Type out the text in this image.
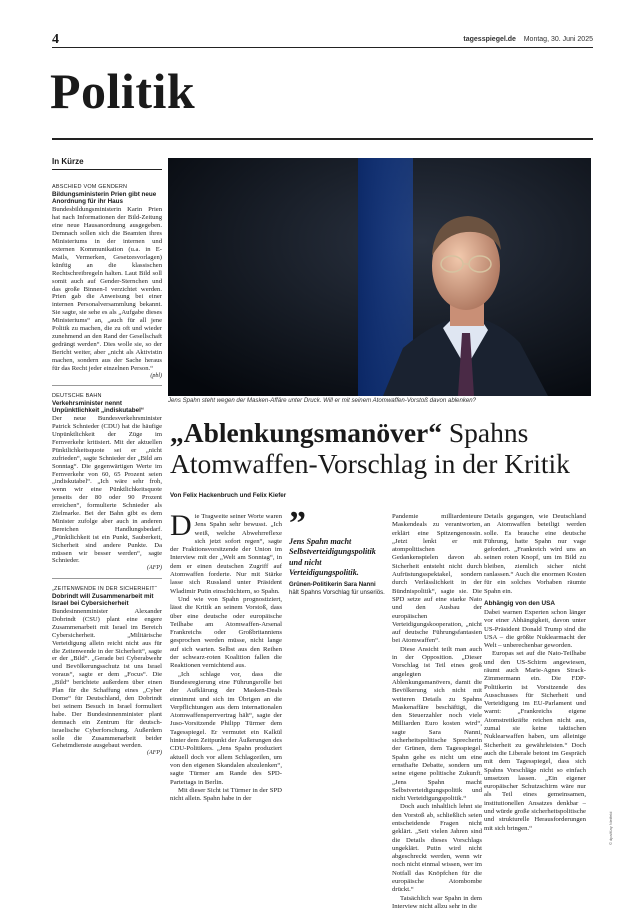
4	tagesspiegel.de Montag, 30. Juni 2025
Politik
In Kürze
ABSCHIED VOM GENDERN
Bildungsministerin Prien gibt neue Anordnung für ihr Haus

Bundesbildungsministerin Karin Prien hat nach Informationen der Bild-Zeitung eine neue Hausanordnung ausgegeben. Demnach sollen sich die Beamten ihres Ministeriums in der internen und externen Kommunikation (u.a. in E-Mails, Vermerken, Gesetzesvorlagen) künftig an die klassischen Rechtschreibregeln halten. Laut Bild soll somit auch auf Gender-Sternchen und das große Binnen-I verzichtet werden. Prien gab die Anweisung bei einer internen Personalversammlung bekannt. Sie sagte, sie sehe es als „Aufgabe dieses Ministeriums“ an, „auch für all jene Politik zu machen, die zu oft und wieder zunehmend an den Rand der Gesellschaft gedrängt werden“. Dies wolle sie, so der Bericht weiter, aber „nicht als Aktivistin machen, sondern aus der Sache heraus für das Recht jeder einzelnen Person.“
(pbl)

DEUTSCHE BAHN
Verkehrsminister nennt Unpünktlichkeit „indiskutabel“

Der neue Bundesverkehrsminister Patrick Schnieder (CDU) hat die häufige Unpünktlichkeit der Züge im Fernverkehr kritisiert. Mit der aktuellen Pünktlichkeitsquote sei er „nicht zufrieden“, sagte Schnieder der „Bild am Sonntag“. Die gegenwärtigen Werte im Fernverkehr von 60, 65 Prozent seien „indiskutabel“. „Ich wäre sehr froh, wenn wir eine Pünktlichkeitsquote jenseits der 80 oder 90 Prozent erreichen“, formulierte Schnieder als Zielmarke. Bei der Bahn gibt es dem Minister zufolge aber auch in anderen Bereichen Handlungsbedarf. „Pünktlichkeit ist ein Punkt, Sauberkeit, Sicherheit sind andere Punkte. Da müssen wir besser werden“, sagte Schnieder.
(AFP)

„ZEITENWENDE IN DER SICHERHEIT“
Dobrindt will Zusammenarbeit mit Israel bei Cybersicherheit

Bundesinnenminister Alexander Dobrindt (CSU) plant eine engere Zusammenarbeit mit Israel im Bereich Cybersicherheit. „Militärische Verteidigung allein reicht nicht aus für die Zeitenwende in der Sicherheit“, sagte er der „Bild“. „Gerade bei Cyberabwehr und Bevölkerungsschutz ist uns Israel voraus“, sagte er dem „Focus“. Die „Bild“ berichtete außerdem über einen Plan für die Schaffung eines „Cyber Dome“ für Deutschland, den Dobrindt bei seinem Besuch in Israel formuliert habe. Der Bundesinnenminister plant demnach ein Zentrum für deutsch-israelische Cyberforschung. Außerdem solle die Zusammenarbeit beider Geheimdienste ausgebaut werden.
(AFP)

Jens Spahn steht wegen der Masken-Affäre unter Druck. Will er mit seinem Atomwaffen-Vorstoß davon ablenken?
„Ablenkungsmanöver“ Spahns Atomwaffen-Vorschlag in der Kritik
Von Felix Hackenbruch und Felix Kiefer

Die Tragweite seiner Worte waren Jens Spahn sehr bewusst. „Ich weiß, welche Abwehrreflexe sich jetzt sofort regen“, sagte der Fraktionsvorsitzende der Union im Interview mit der „Welt am Sonntag“, in dem er einen deutschen Zugriff auf Atomwaffen forderte. Nur mit Stärke lasse sich Russland unter Präsident Wladimir Putin einschüchtern, so Spahn.

Und wie von Spahn prognostiziert, lässt die Kritik an seinem Vorstoß, dass über eine deutsche oder europäische Teilhabe am Atomwaffen-Arsenal Frankreichs oder Großbritanniens gesprochen werden müsse, nicht lange auf sich warten. Selbst aus den Reihen der schwarz-roten Koalition fallen die Reaktionen vernichtend aus.

„Ich schlage vor, dass die Bundesregierung eine Führungsrolle bei der Aufklärung der Masken-Deals einnimmt und sich im Übrigen an die Verpflichtungen aus dem internationalen Atomwaffensperrvertrag hält“, sagte der Juso-Vorsitzende Philipp Türmer dem Tagesspiegel. Er vermutet ein Kalkül hinter dem Zeitpunkt der Äußerungen des CDU-Politikers. „Jens Spahn produziert aktuell doch vor allem Schlagzeilen, um von den eigenen Skandalen abzulenken“, sagte Türmer am Rande des SPD-Parteitags in Berlin.

Mit dieser Sicht ist Türmer in der SPD nicht allein. Spahn habe in der

”
Jens Spahn macht Selbstverteidigungspolitik und nicht Verteidigungspolitik.
Grünen-Politikerin Sara Nanni hält Spahns Vorschlag für unseriös.

Pandemie milliardenteure Maskendeals zu verantworten, erklärt eine Spitzengenossin. „Jetzt lenkt er mit atompolitischen Gedankenspielen davon ab. Sicherheit entsteht nicht durch Aufrüstungsspektakel, sondern durch Verlässlichkeit in der Bündnispolitik“, sagte sie. Die SPD setze auf eine starke Nato und den Ausbau der europäischen Verteidigungskooperation, „nicht auf deutsche Führungsfantasien bei Atomwaffen“.

Diese Ansicht teilt man auch in der Opposition. „Dieser Vorschlag ist Teil eines groß angelegten Ablenkungsmanövers, damit die Bevölkerung sich nicht mit weiteren Details zu Spahns Maskenaffäre beschäftigt, die den Steuerzahler noch viele Milliarden Euro kosten wird“, sagte Sara Nanni, sicherheitspolitische Sprecherin der Grünen, dem Tagesspiegel. Spahn gehe es nicht um eine ernsthafte Debatte, sondern um seine eigene politische Zukunft. „Jens Spahn macht Selbstverteidigungspolitik und nicht Verteidigungspolitik.“

Doch auch inhaltlich lehnt sie den Vorstoß ab, schließlich seien entscheidende Fragen nicht geklärt. „Seit vielen Jahren sind die Details dieses Vorschlags ungeklärt. Putin wird nicht abgeschreckt werden, wenn wir noch nicht einmal wissen, wer im Notfall das Knöpfchen für die europäische Atombombe drückt.“

Tatsächlich war Spahn in dem Interview nicht allzu sehr in die

Details gegangen, wie Deutschland an Atomwaffen beteiligt werden solle. Es brauche eine deutsche Führung, hatte Spahn nur vage gefordert. „Frankreich wird uns an seinen roten Knopf, um im Bild zu bleiben, ziemlich sicher nicht ranlassen.“ Auch die enormen Kosten für ein solches Vorhaben räumte Spahn ein.

Abhängig von den USA

Dabei warnen Experten schon länger vor einer Abhängigkeit, davon unter US-Präsident Donald Trump sind die USA – die größte Nuklearmacht der Welt – unberechenbar geworden.

Europas sei auf die Nato-Teilhabe und den US-Schirm angewiesen, räumt auch Marie-Agnes Strack-Zimmermann ein. Die FDP-Politikerin ist Vorsitzende des Ausschusses für Sicherheit und Verteidigung im EU-Parlament und warnt: „Frankreichs eigene Atomstreitkräfte reichen nicht aus, zumal sie keine taktischen Nuklearwaffen haben, um alleinige Sicherheit zu gewährleisten.“ Doch auch die Liberale betont im Gespräch mit dem Tagesspiegel, dass sich Spahns Vorschläge nicht so einfach umsetzen lassen. „Ein eigener europäischer Schutzschirm wäre nur als Teil eines gemeinsamen, institutionellen Ansatzes denkbar – und würde große sicherheitspolitische und strukturelle Herausforderungen mit sich bringen.“	© dpa/Kay Nietfeld
